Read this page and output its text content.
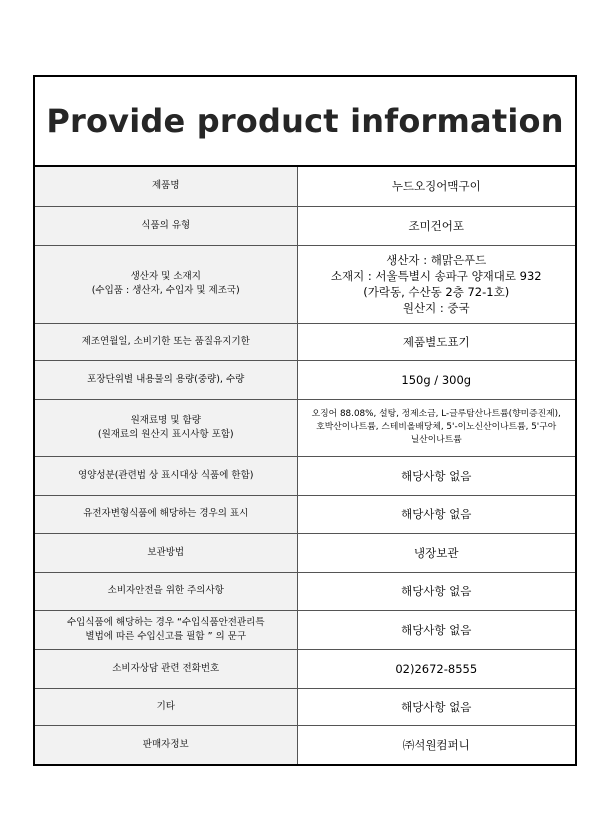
Provide product information
제품명	누드오징어맥구이

식품의 유형	조미건어포

생산자 및 소재지
(수입품 : 생산자, 수입자 및 제조국)	생산자 : 해맑은푸드
소재지 : 서울특별시 송파구 양재대로 932
(가락동, 수산동 2층 72-1호)
원산지 : 중국

제조연월일, 소비기한 또는 품질유지기한	제품별도표기

포장단위별 내용물의 용량(중량), 수량	150g / 300g

원재료명 및 함량
(원재료의 원산지 표시사항 포함)	오징어 88.08%, 설탕, 정제소금, L-글루탐산나트륨(향미증진제),
호박산이나트륨, 스테비올배당체, 5'-이노신산이나트륨, 5'구아
닐산이나트륨

영양성분(관련법 상 표시대상 식품에 한함)	해당사항 없음

유전자변형식품에 해당하는 경우의 표시	해당사항 없음

보관방법	냉장보관

소비자안전을 위한 주의사항	해당사항 없음

수입식품에 해당하는 경우 “수입식품안전관리특
별법에 따른 수입신고를 필함 ” 의 문구	해당사항 없음

소비자상담 관련 전화번호	02)2672-8555

기타	해당사항 없음

판매자정보	㈜석원컴퍼니
